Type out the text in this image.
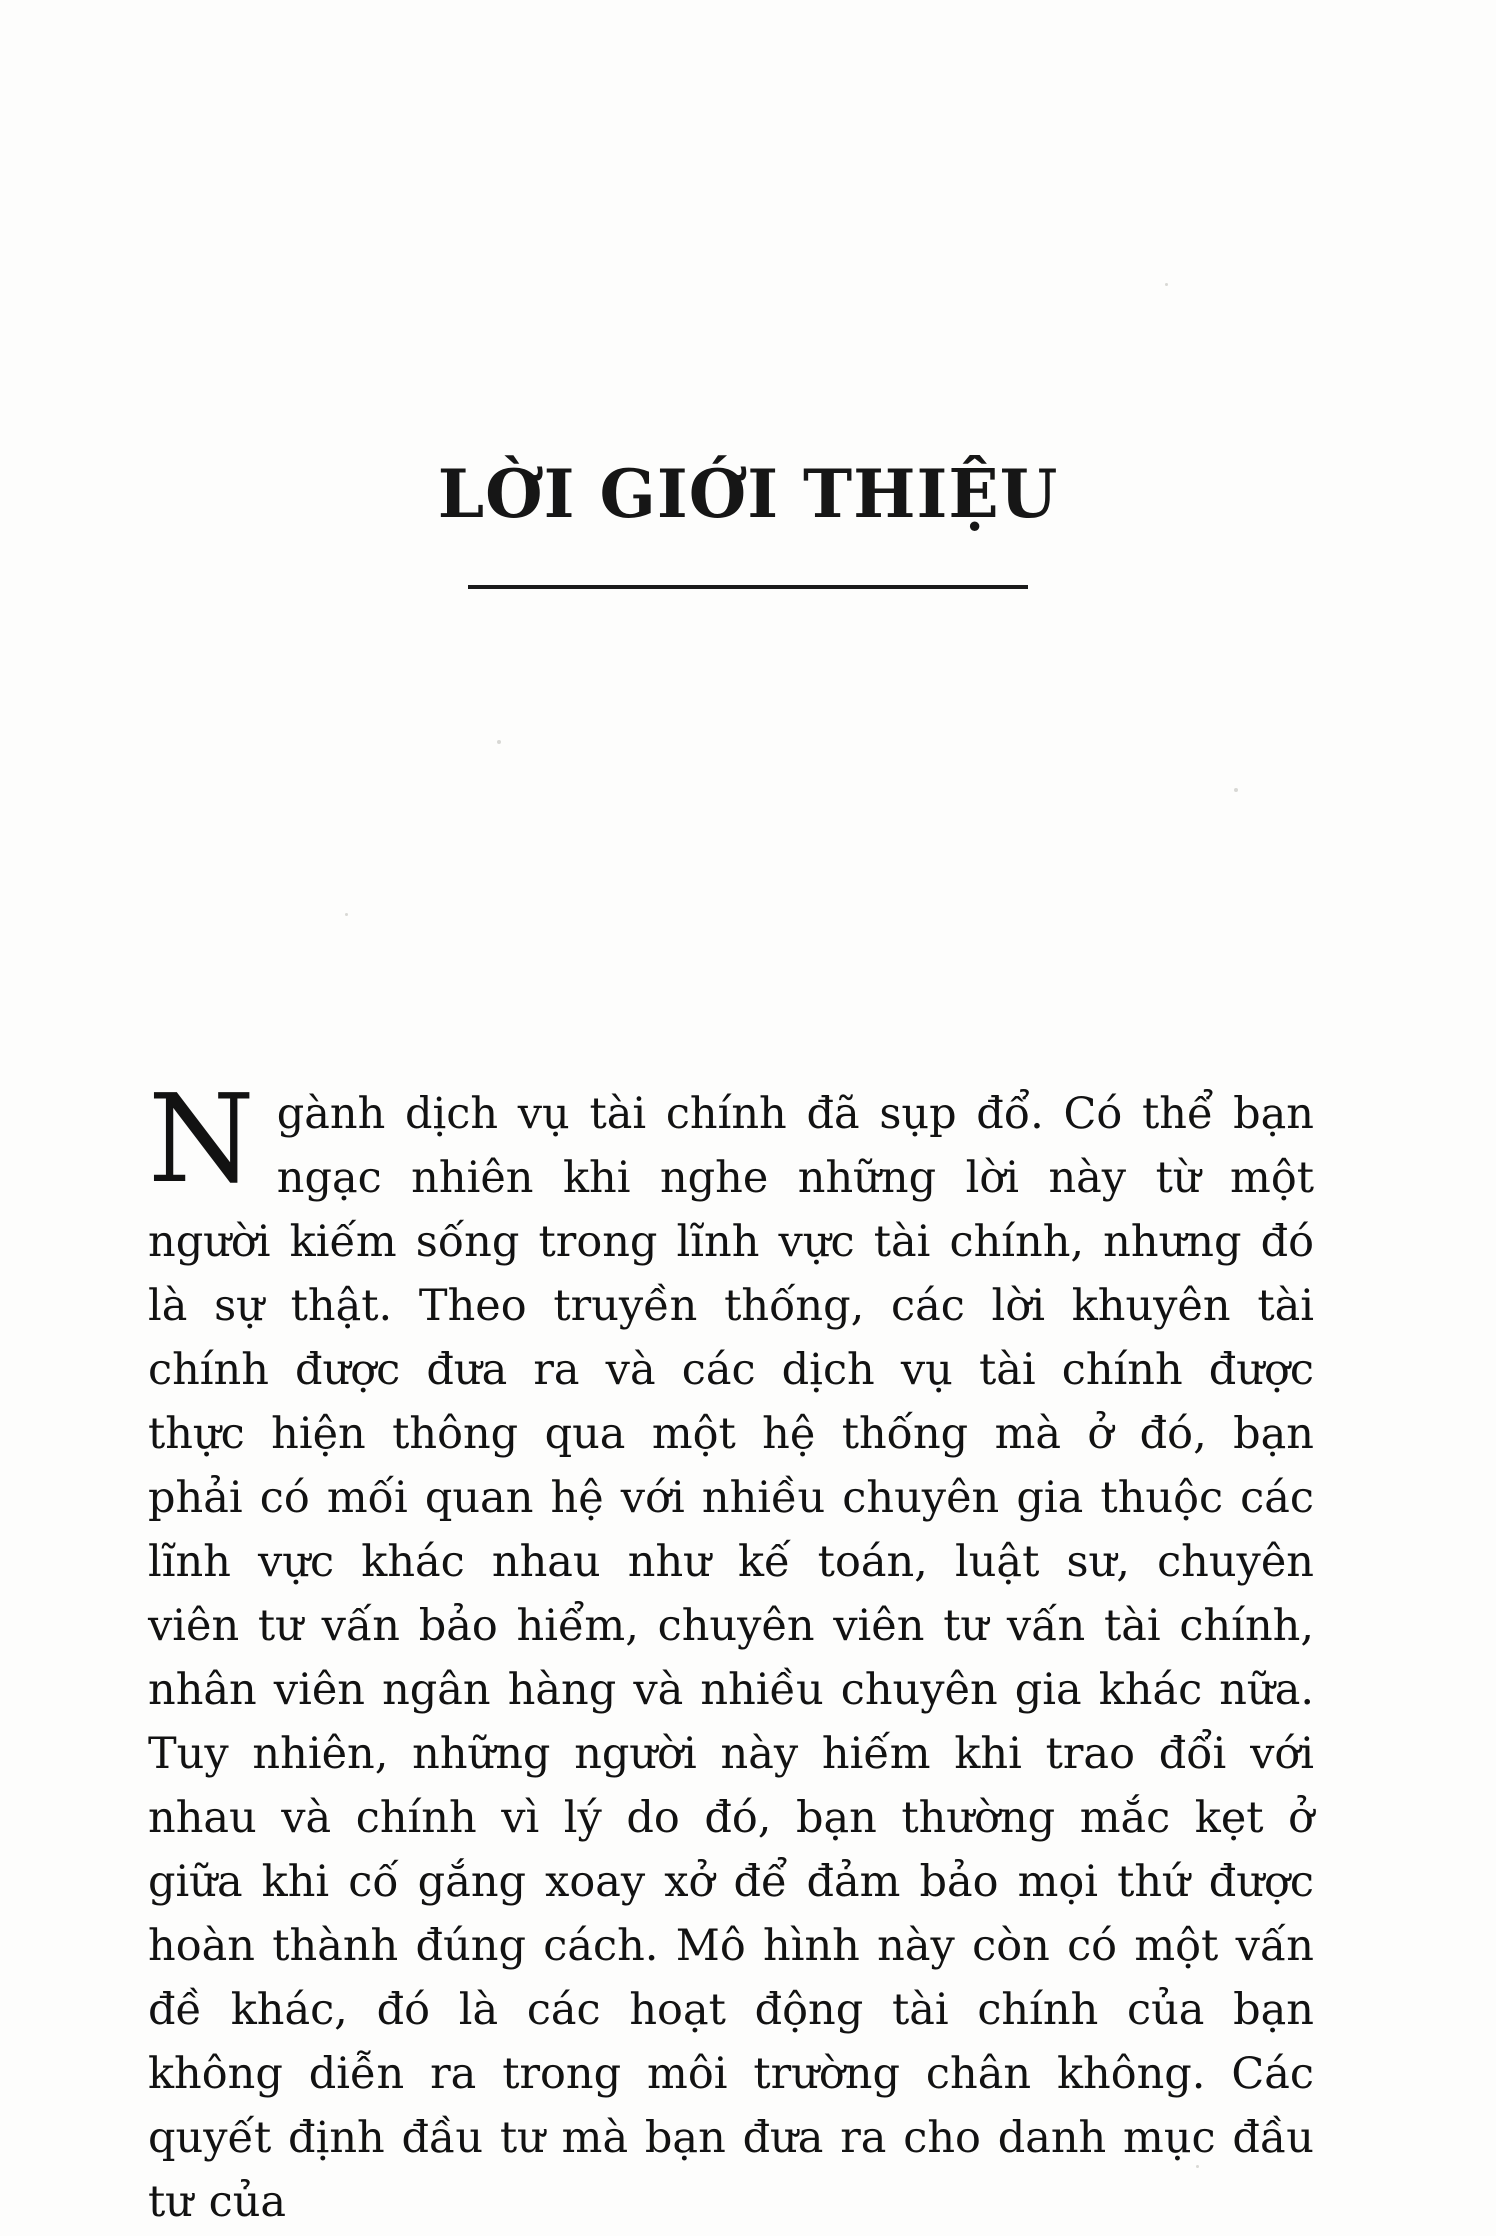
LỜI GIỚI THIỆU

Ngành dịch vụ tài chính đã sụp đổ. Có thể bạn ngạc nhiên khi nghe những lời này từ một người kiếm sống trong lĩnh vực tài chính, nhưng đó là sự thật. Theo truyền thống, các lời khuyên tài chính được đưa ra và các dịch vụ tài chính được thực hiện thông qua một hệ thống mà ở đó, bạn phải có mối quan hệ với nhiều chuyên gia thuộc các lĩnh vực khác nhau như kế toán, luật sư, chuyên viên tư vấn bảo hiểm, chuyên viên tư vấn tài chính, nhân viên ngân hàng và nhiều chuyên gia khác nữa. Tuy nhiên, những người này hiếm khi trao đổi với nhau và chính vì lý do đó, bạn thường mắc kẹt ở giữa khi cố gắng xoay xở để đảm bảo mọi thứ được hoàn thành đúng cách. Mô hình này còn có một vấn đề khác, đó là các hoạt động tài chính của bạn không diễn ra trong môi trường chân không. Các quyết định đầu tư mà bạn đưa ra cho danh mục đầu tư của
